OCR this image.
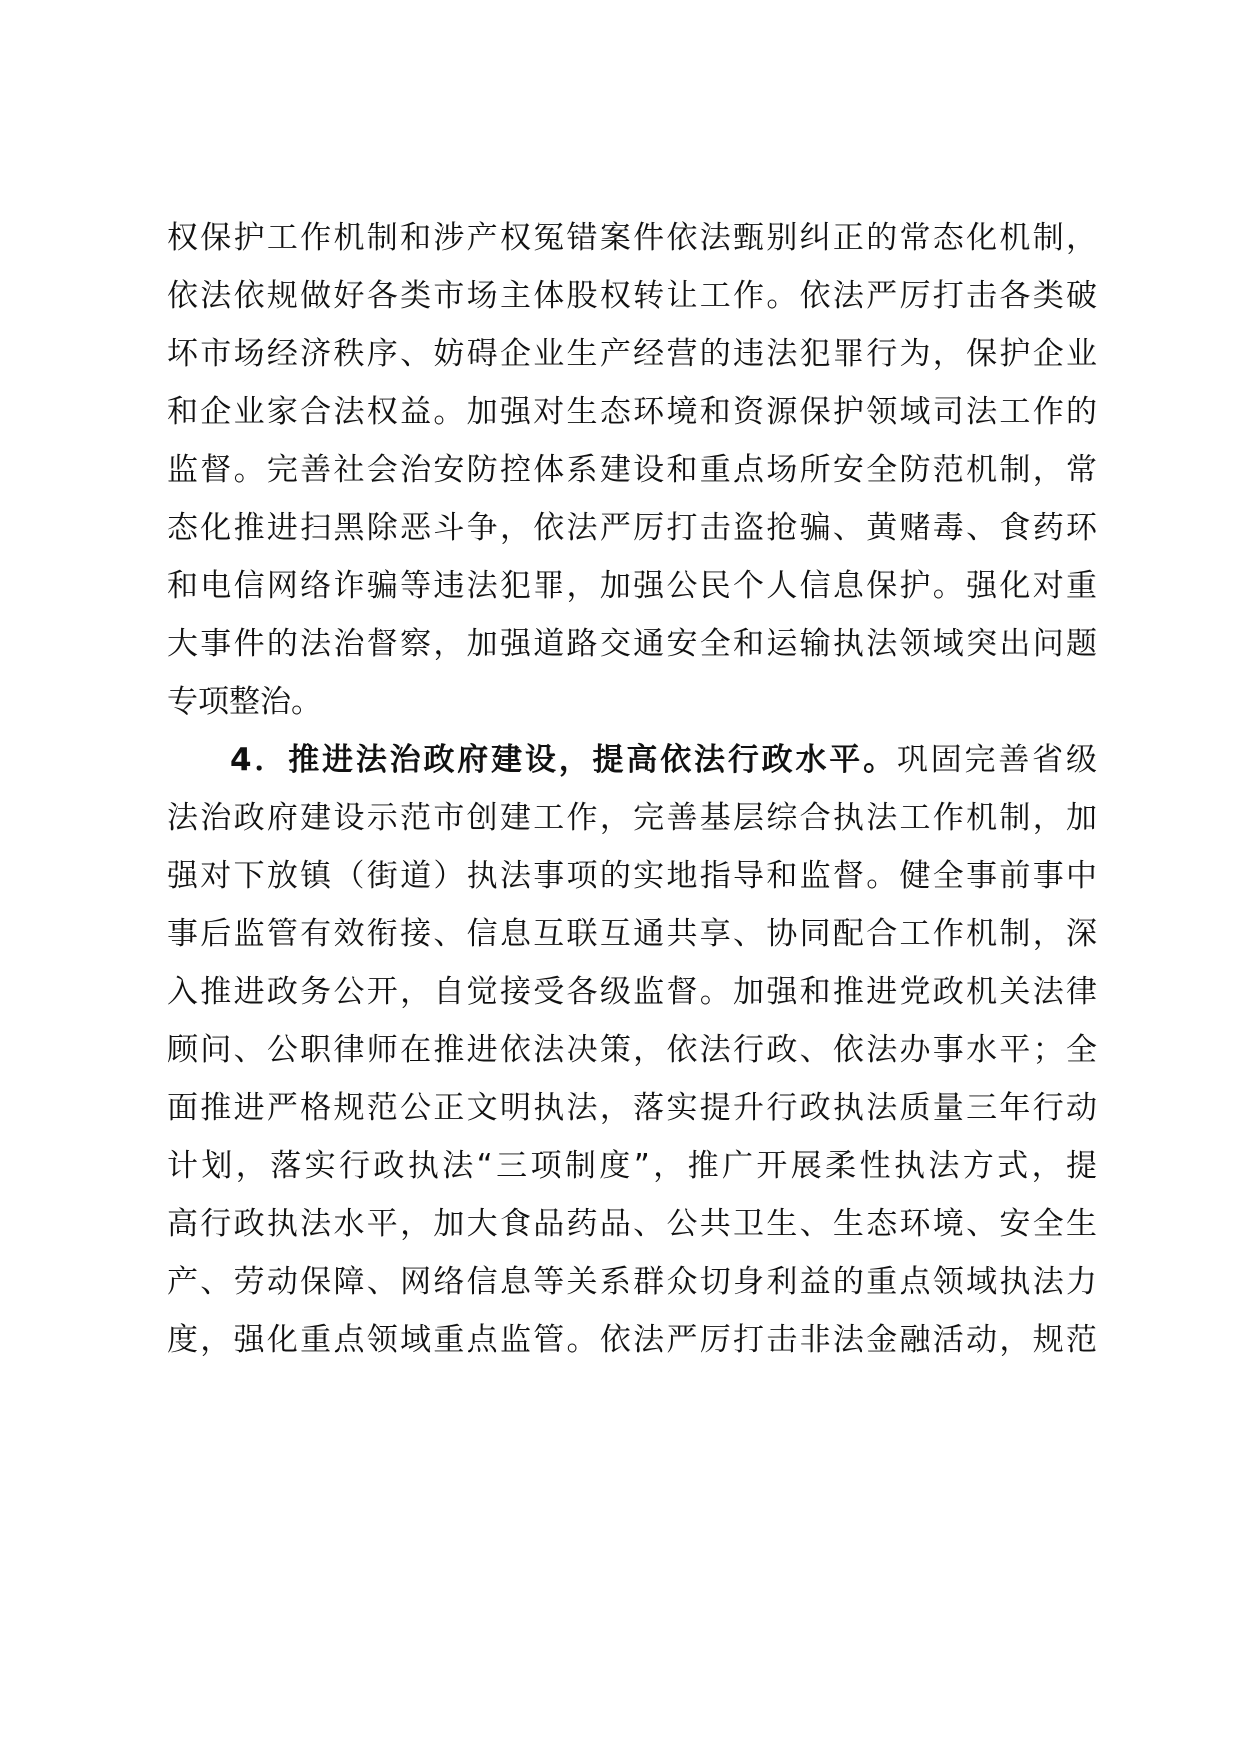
权保护工作机制和涉产权冤错案件依法甄别纠正的常态化机制，
依法依规做好各类市场主体股权转让工作。依法严厉打击各类破
坏市场经济秩序、妨碍企业生产经营的违法犯罪行为，保护企业
和企业家合法权益。加强对生态环境和资源保护领域司法工作的
监督。完善社会治安防控体系建设和重点场所安全防范机制，常
态化推进扫黑除恶斗争，依法严厉打击盗抢骗、黄赌毒、食药环
和电信网络诈骗等违法犯罪，加强公民个人信息保护。强化对重
大事件的法治督察，加强道路交通安全和运输执法领域突出问题
专项整治。
4．推进法治政府建设，提高依法行政水平。巩固完善省级
法治政府建设示范市创建工作，完善基层综合执法工作机制，加
强对下放镇（街道）执法事项的实地指导和监督。健全事前事中
事后监管有效衔接、信息互联互通共享、协同配合工作机制，深
入推进政务公开，自觉接受各级监督。加强和推进党政机关法律
顾问、公职律师在推进依法决策，依法行政、依法办事水平；全
面推进严格规范公正文明执法，落实提升行政执法质量三年行动
计划，落实行政执法“三项制度”，推广开展柔性执法方式，提
高行政执法水平，加大食品药品、公共卫生、生态环境、安全生
产、劳动保障、网络信息等关系群众切身利益的重点领域执法力
度，强化重点领域重点监管。依法严厉打击非法金融活动，规范
